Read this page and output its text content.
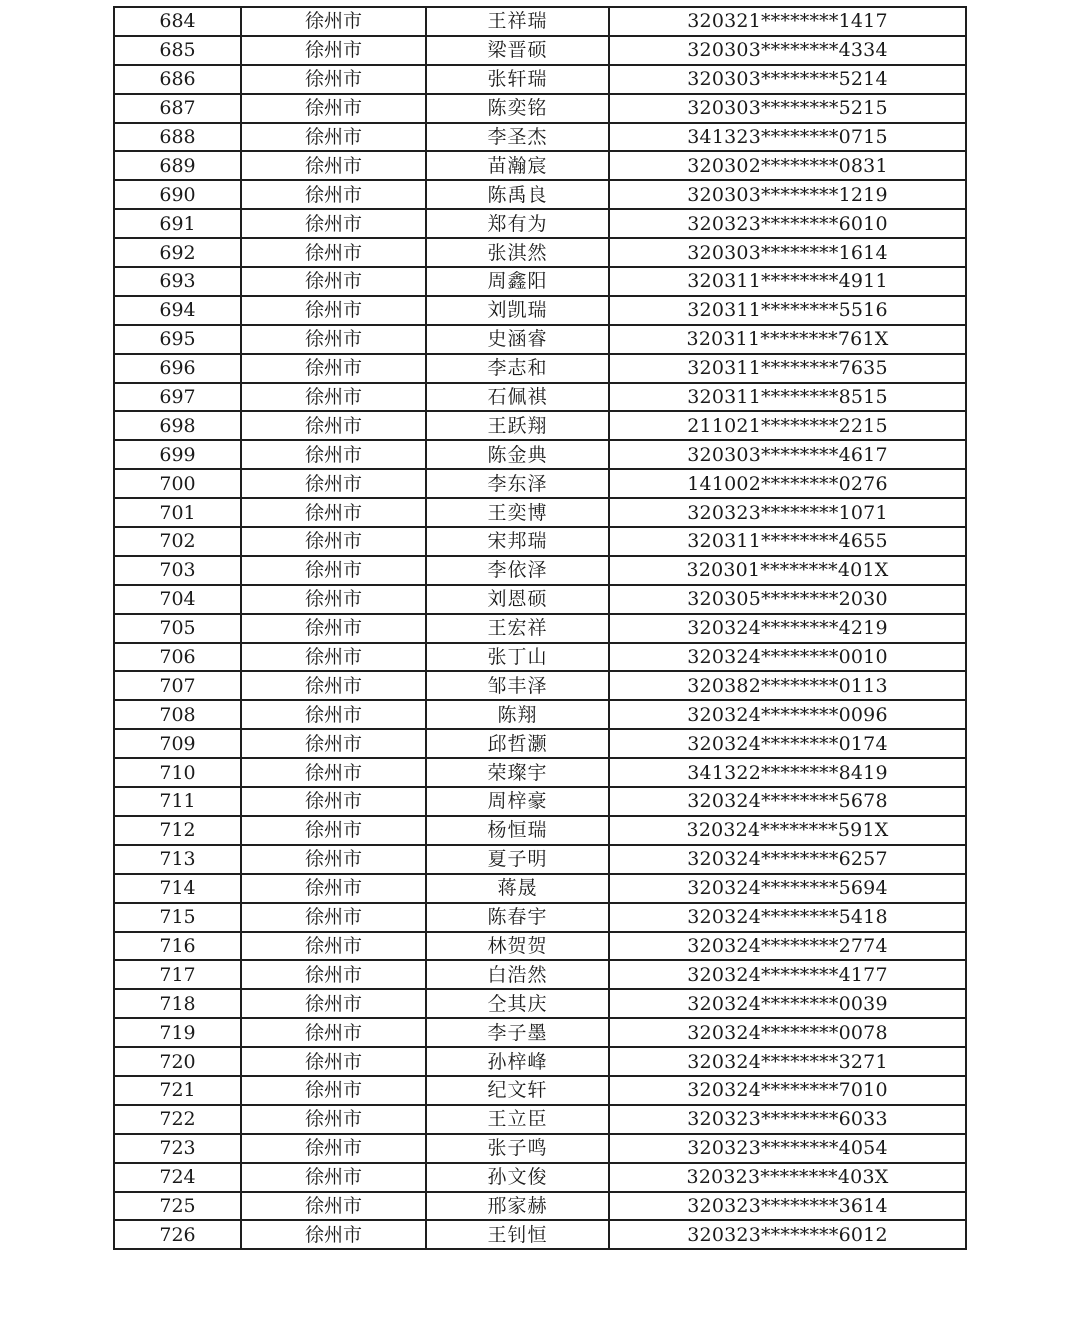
684	徐州市	王祥瑞	320321********1417
685	徐州市	梁晋硕	320303********4334
686	徐州市	张轩瑞	320303********5214
687	徐州市	陈奕铭	320303********5215
688	徐州市	李圣杰	341323********0715
689	徐州市	苗瀚宸	320302********0831
690	徐州市	陈禹良	320303********1219
691	徐州市	郑有为	320323********6010
692	徐州市	张淇然	320303********1614
693	徐州市	周鑫阳	320311********4911
694	徐州市	刘凯瑞	320311********5516
695	徐州市	史涵睿	320311********761X
696	徐州市	李志和	320311********7635
697	徐州市	石佩祺	320311********8515
698	徐州市	王跃翔	211021********2215
699	徐州市	陈金典	320303********4617
700	徐州市	李东泽	141002********0276
701	徐州市	王奕博	320323********1071
702	徐州市	宋邦瑞	320311********4655
703	徐州市	李依泽	320301********401X
704	徐州市	刘恩硕	320305********2030
705	徐州市	王宏祥	320324********4219
706	徐州市	张丁山	320324********0010
707	徐州市	邹丰泽	320382********0113
708	徐州市	陈翔	320324********0096
709	徐州市	邱哲灏	320324********0174
710	徐州市	荣璨宇	341322********8419
711	徐州市	周梓豪	320324********5678
712	徐州市	杨恒瑞	320324********591X
713	徐州市	夏子明	320324********6257
714	徐州市	蒋晟	320324********5694
715	徐州市	陈春宇	320324********5418
716	徐州市	林贺贺	320324********2774
717	徐州市	白浩然	320324********4177
718	徐州市	仝其庆	320324********0039
719	徐州市	李子墨	320324********0078
720	徐州市	孙梓峰	320324********3271
721	徐州市	纪文轩	320324********7010
722	徐州市	王立臣	320323********6033
723	徐州市	张子鸣	320323********4054
724	徐州市	孙文俊	320323********403X
725	徐州市	邢家赫	320323********3614
726	徐州市	王钊恒	320323********6012
